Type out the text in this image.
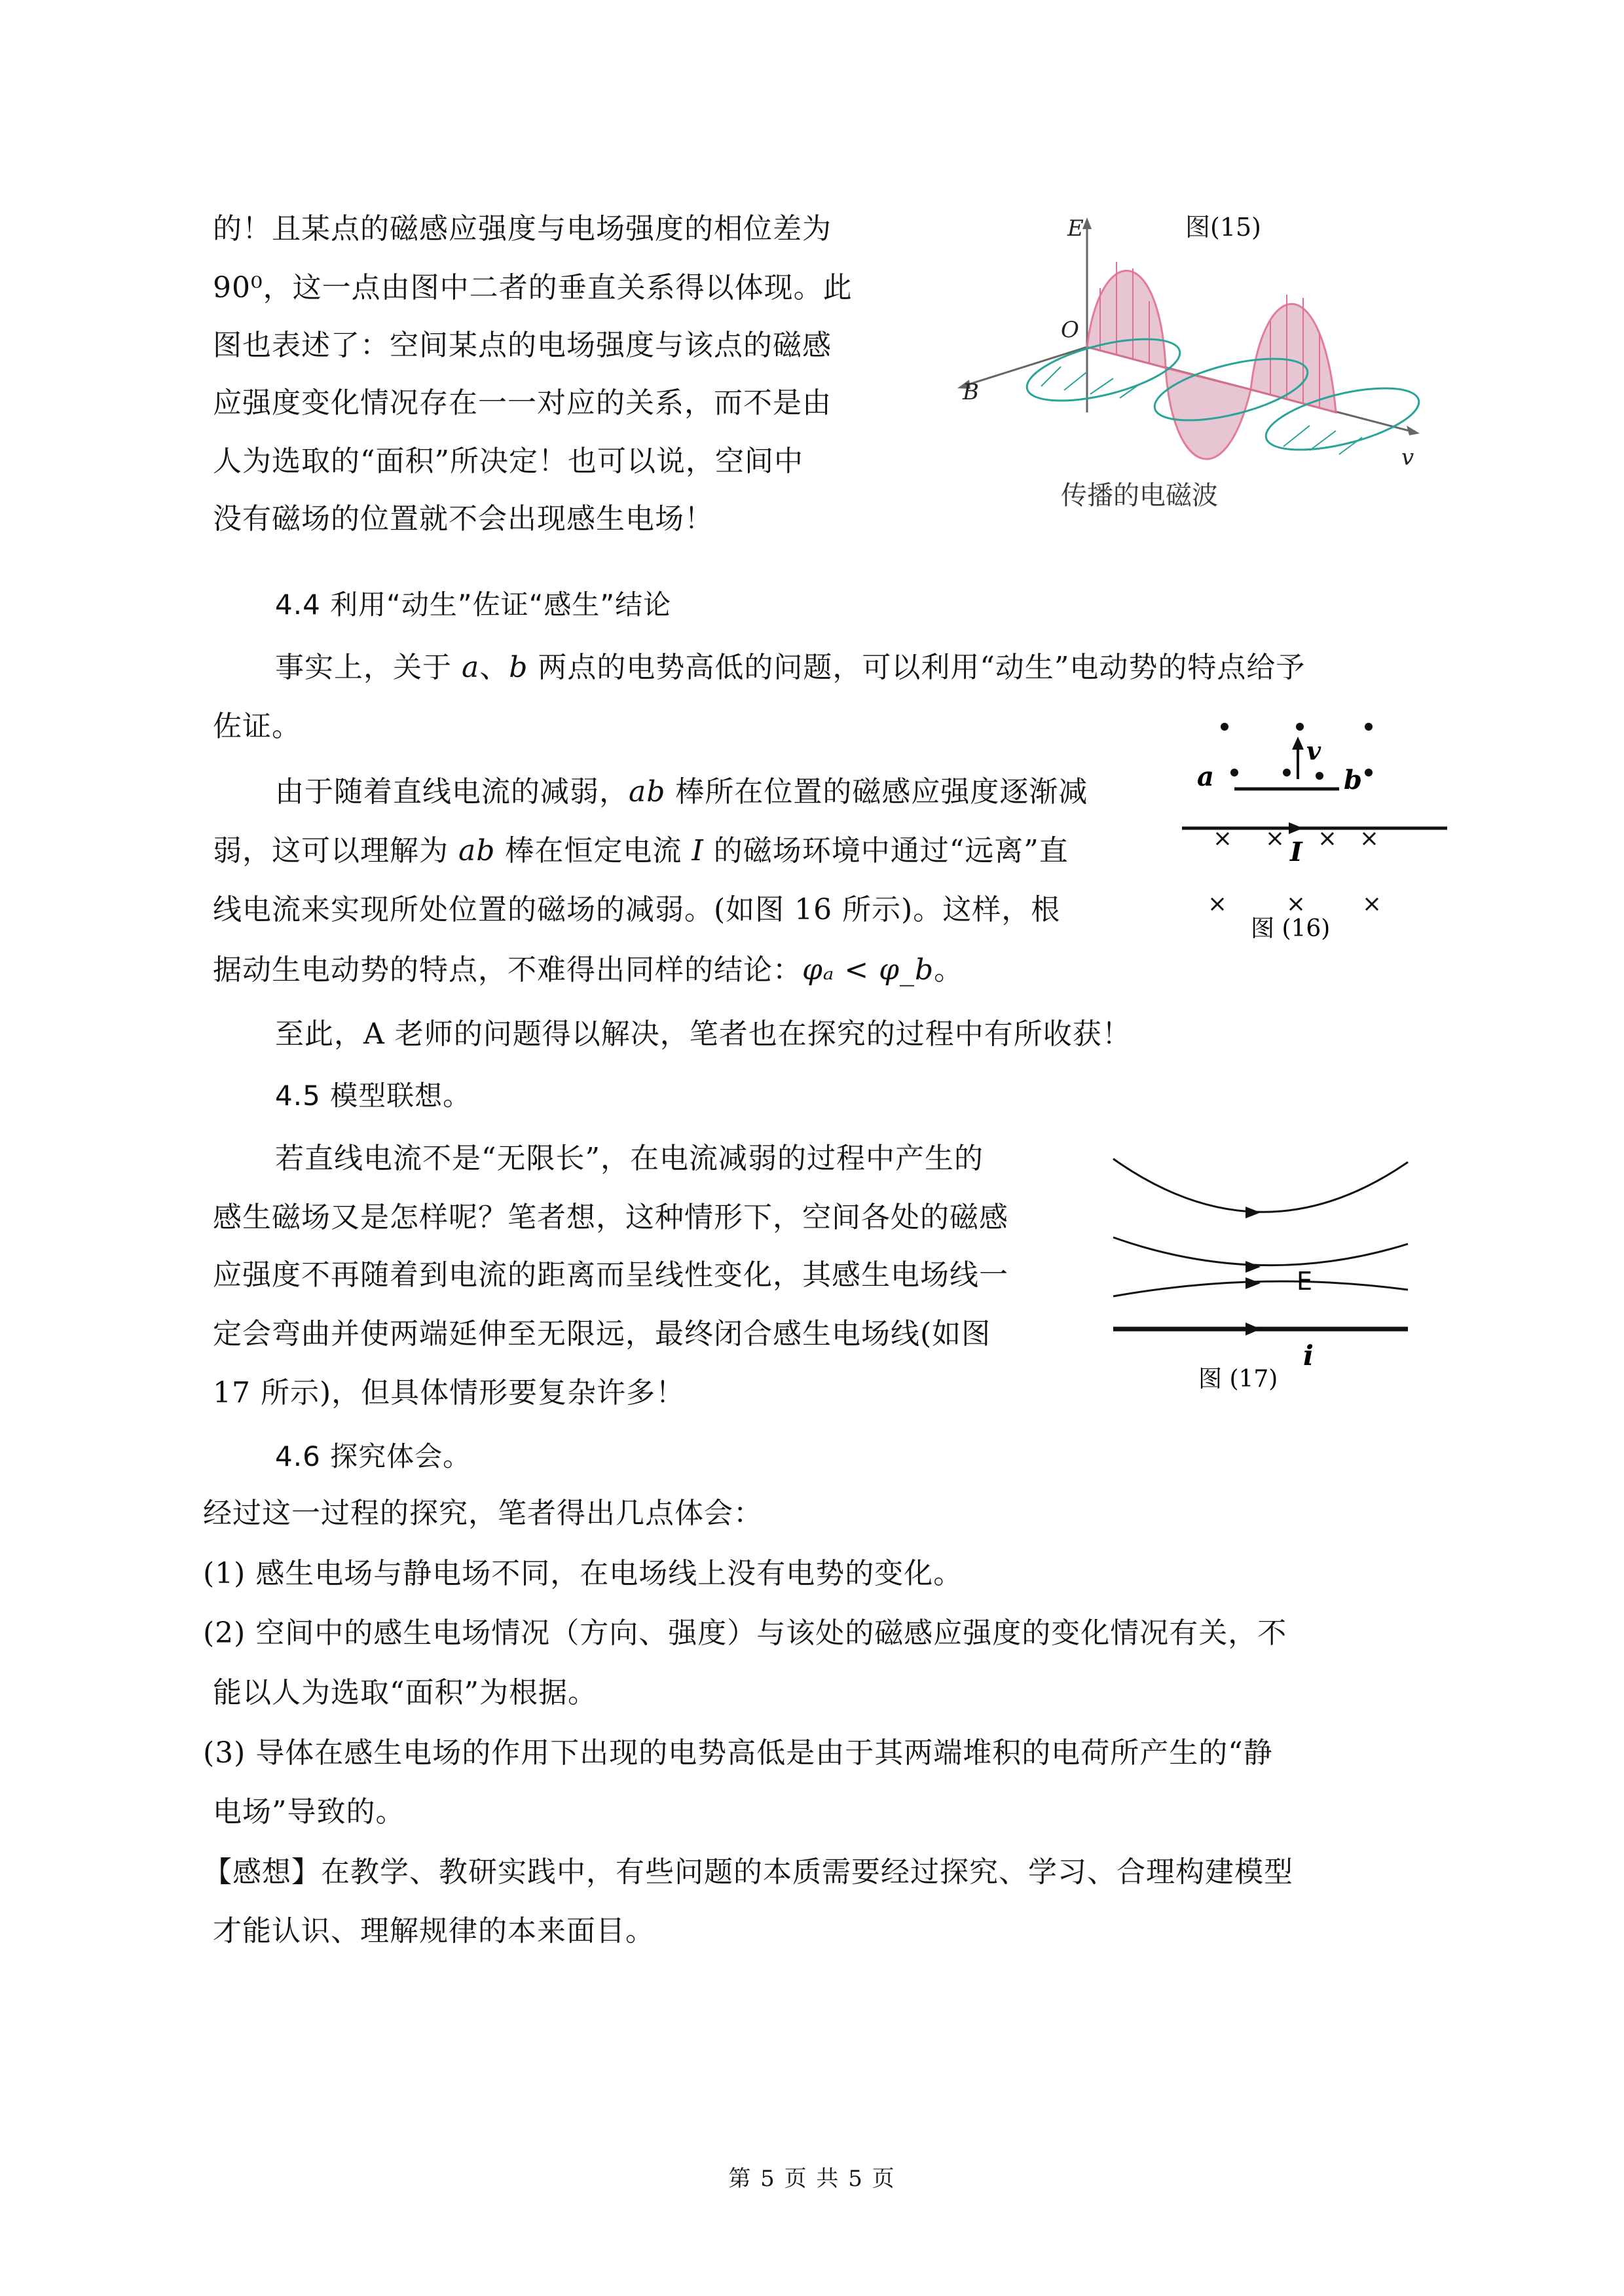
的！且某点的磁感应强度与电场强度的相位差为
90⁰，这一点由图中二者的垂直关系得以体现。此
图也表述了：空间某点的电场强度与该点的磁感
应强度变化情况存在一一对应的关系，而不是由
人为选取的“面积”所决定！也可以说，空间中
没有磁场的位置就不会出现感生电场！
图(15)
E
O
B
v
传播的电磁波
4.4 利用“动生”佐证“感生”结论
事实上，关于 a、b 两点的电势高低的问题，可以利用“动生”电动势的特点给予
佐证。
由于随着直线电流的减弱，ab 棒所在位置的磁感应强度逐渐减
弱，这可以理解为 ab 棒在恒定电流 I 的磁场环境中通过“远离”直
线电流来实现所处位置的磁场的减弱。(如图 16 所示)。这样，根
据动生电动势的特点，不难得出同样的结论：φₐ < φ_b。
至此，A 老师的问题得以解决，笔者也在探究的过程中有所收获！
a	b
v
I
图 (16)
4.5 模型联想。
若直线电流不是“无限长”，在电流减弱的过程中产生的
感生磁场又是怎样呢？笔者想，这种情形下，空间各处的磁感
应强度不再随着到电流的距离而呈线性变化，其感生电场线一
定会弯曲并使两端延伸至无限远，最终闭合感生电场线(如图
17 所示)，但具体情形要复杂许多！
E
i
图 (17)
4.6 探究体会。
经过这一过程的探究，笔者得出几点体会：
(1) 感生电场与静电场不同，在电场线上没有电势的变化。
(2) 空间中的感生电场情况（方向、强度）与该处的磁感应强度的变化情况有关，不
能以人为选取“面积”为根据。
(3) 导体在感生电场的作用下出现的电势高低是由于其两端堆积的电荷所产生的“静
电场”导致的。
【感想】在教学、教研实践中，有些问题的本质需要经过探究、学习、合理构建模型
才能认识、理解规律的本来面目。
第 5 页 共 5 页
